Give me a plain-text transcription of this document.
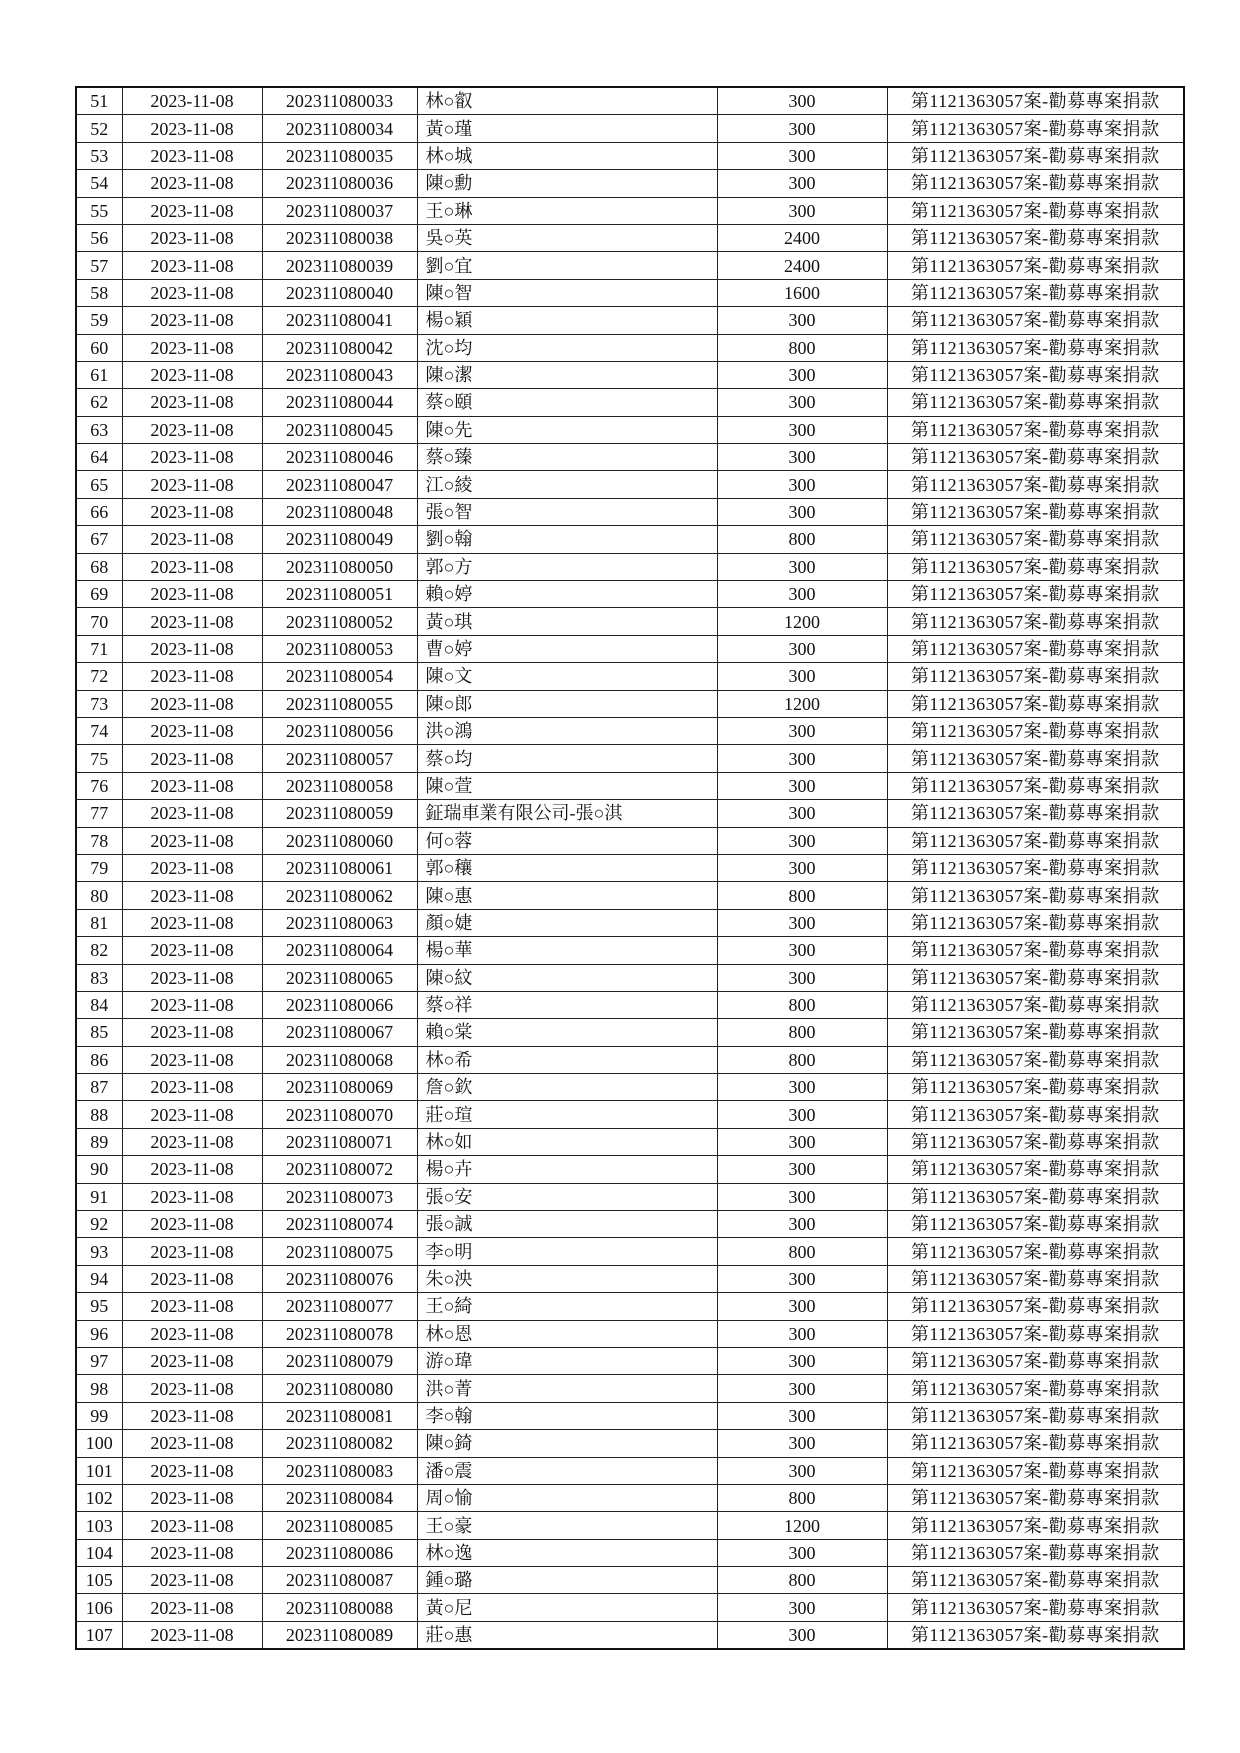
51	2023-11-08	202311080033	林○叡	300	第1121363057案-勸募專案捐款
52	2023-11-08	202311080034	黃○瑾	300	第1121363057案-勸募專案捐款
53	2023-11-08	202311080035	林○城	300	第1121363057案-勸募專案捐款
54	2023-11-08	202311080036	陳○勳	300	第1121363057案-勸募專案捐款
55	2023-11-08	202311080037	王○琳	300	第1121363057案-勸募專案捐款
56	2023-11-08	202311080038	吳○英	2400	第1121363057案-勸募專案捐款
57	2023-11-08	202311080039	劉○宜	2400	第1121363057案-勸募專案捐款
58	2023-11-08	202311080040	陳○智	1600	第1121363057案-勸募專案捐款
59	2023-11-08	202311080041	楊○穎	300	第1121363057案-勸募專案捐款
60	2023-11-08	202311080042	沈○均	800	第1121363057案-勸募專案捐款
61	2023-11-08	202311080043	陳○潔	300	第1121363057案-勸募專案捐款
62	2023-11-08	202311080044	蔡○頤	300	第1121363057案-勸募專案捐款
63	2023-11-08	202311080045	陳○先	300	第1121363057案-勸募專案捐款
64	2023-11-08	202311080046	蔡○臻	300	第1121363057案-勸募專案捐款
65	2023-11-08	202311080047	江○綾	300	第1121363057案-勸募專案捐款
66	2023-11-08	202311080048	張○智	300	第1121363057案-勸募專案捐款
67	2023-11-08	202311080049	劉○翰	800	第1121363057案-勸募專案捐款
68	2023-11-08	202311080050	郭○方	300	第1121363057案-勸募專案捐款
69	2023-11-08	202311080051	賴○婷	300	第1121363057案-勸募專案捐款
70	2023-11-08	202311080052	黃○琪	1200	第1121363057案-勸募專案捐款
71	2023-11-08	202311080053	曹○婷	300	第1121363057案-勸募專案捐款
72	2023-11-08	202311080054	陳○文	300	第1121363057案-勸募專案捐款
73	2023-11-08	202311080055	陳○郎	1200	第1121363057案-勸募專案捐款
74	2023-11-08	202311080056	洪○鴻	300	第1121363057案-勸募專案捐款
75	2023-11-08	202311080057	蔡○均	300	第1121363057案-勸募專案捐款
76	2023-11-08	202311080058	陳○萱	300	第1121363057案-勸募專案捐款
77	2023-11-08	202311080059	鉦瑞車業有限公司-張○淇	300	第1121363057案-勸募專案捐款
78	2023-11-08	202311080060	何○蓉	300	第1121363057案-勸募專案捐款
79	2023-11-08	202311080061	郭○穰	300	第1121363057案-勸募專案捐款
80	2023-11-08	202311080062	陳○惠	800	第1121363057案-勸募專案捐款
81	2023-11-08	202311080063	顏○婕	300	第1121363057案-勸募專案捐款
82	2023-11-08	202311080064	楊○華	300	第1121363057案-勸募專案捐款
83	2023-11-08	202311080065	陳○紋	300	第1121363057案-勸募專案捐款
84	2023-11-08	202311080066	蔡○祥	800	第1121363057案-勸募專案捐款
85	2023-11-08	202311080067	賴○棠	800	第1121363057案-勸募專案捐款
86	2023-11-08	202311080068	林○希	800	第1121363057案-勸募專案捐款
87	2023-11-08	202311080069	詹○欽	300	第1121363057案-勸募專案捐款
88	2023-11-08	202311080070	莊○瑄	300	第1121363057案-勸募專案捐款
89	2023-11-08	202311080071	林○如	300	第1121363057案-勸募專案捐款
90	2023-11-08	202311080072	楊○卉	300	第1121363057案-勸募專案捐款
91	2023-11-08	202311080073	張○安	300	第1121363057案-勸募專案捐款
92	2023-11-08	202311080074	張○誠	300	第1121363057案-勸募專案捐款
93	2023-11-08	202311080075	李○明	800	第1121363057案-勸募專案捐款
94	2023-11-08	202311080076	朱○泱	300	第1121363057案-勸募專案捐款
95	2023-11-08	202311080077	王○綺	300	第1121363057案-勸募專案捐款
96	2023-11-08	202311080078	林○恩	300	第1121363057案-勸募專案捐款
97	2023-11-08	202311080079	游○瑋	300	第1121363057案-勸募專案捐款
98	2023-11-08	202311080080	洪○菁	300	第1121363057案-勸募專案捐款
99	2023-11-08	202311080081	李○翰	300	第1121363057案-勸募專案捐款
100	2023-11-08	202311080082	陳○錡	300	第1121363057案-勸募專案捐款
101	2023-11-08	202311080083	潘○震	300	第1121363057案-勸募專案捐款
102	2023-11-08	202311080084	周○愉	800	第1121363057案-勸募專案捐款
103	2023-11-08	202311080085	王○豪	1200	第1121363057案-勸募專案捐款
104	2023-11-08	202311080086	林○逸	300	第1121363057案-勸募專案捐款
105	2023-11-08	202311080087	鍾○璐	800	第1121363057案-勸募專案捐款
106	2023-11-08	202311080088	黃○尼	300	第1121363057案-勸募專案捐款
107	2023-11-08	202311080089	莊○惠	300	第1121363057案-勸募專案捐款
